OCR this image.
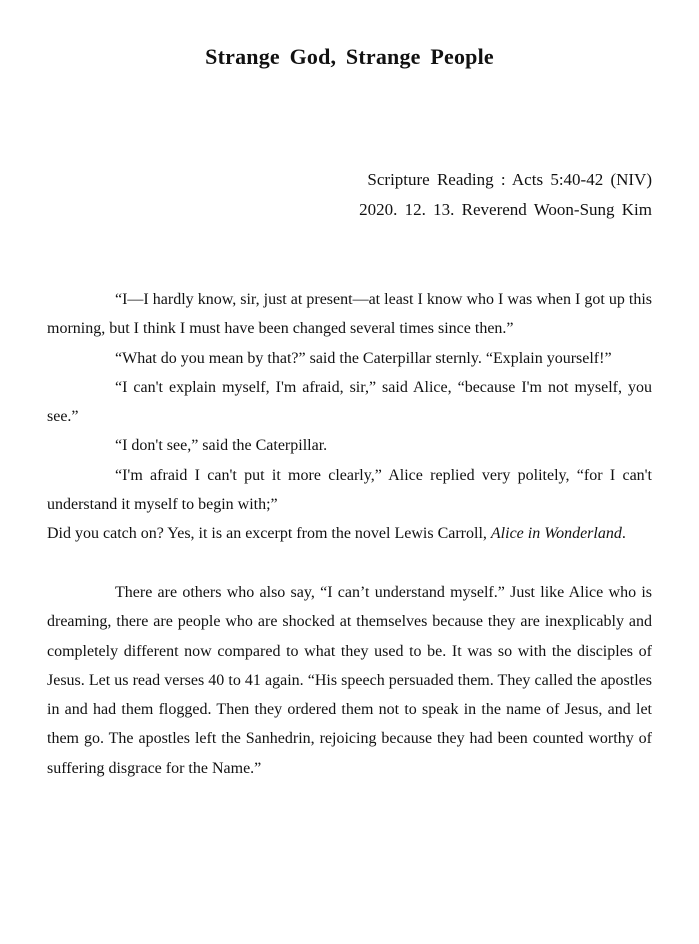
Strange God, Strange People
Scripture Reading : Acts 5:40-42 (NIV)
2020. 12. 13. Reverend Woon-Sung Kim

“I—I hardly know, sir, just at present—at least I know who I was when I got up this morning, but I think I must have been changed several times since then.”

“What do you mean by that?” said the Caterpillar sternly. “Explain yourself!”

“I can't explain myself, I'm afraid, sir,” said Alice, “because I'm not myself, you see.”

“I don't see,” said the Caterpillar.

“I'm afraid I can't put it more clearly,” Alice replied very politely, “for I can't understand it myself to begin with;”

Did you catch on? Yes, it is an excerpt from the novel Lewis Carroll, Alice in Wonderland.

There are others who also say, “I can’t understand myself.” Just like Alice who is dreaming, there are people who are shocked at themselves because they are inexplicably and completely different now compared to what they used to be. It was so with the disciples of Jesus. Let us read verses 40 to 41 again. “His speech persuaded them. They called the apostles in and had them flogged. Then they ordered them not to speak in the name of Jesus, and let them go. The apostles left the Sanhedrin, rejoicing because they had been counted worthy of suffering disgrace for the Name.”
